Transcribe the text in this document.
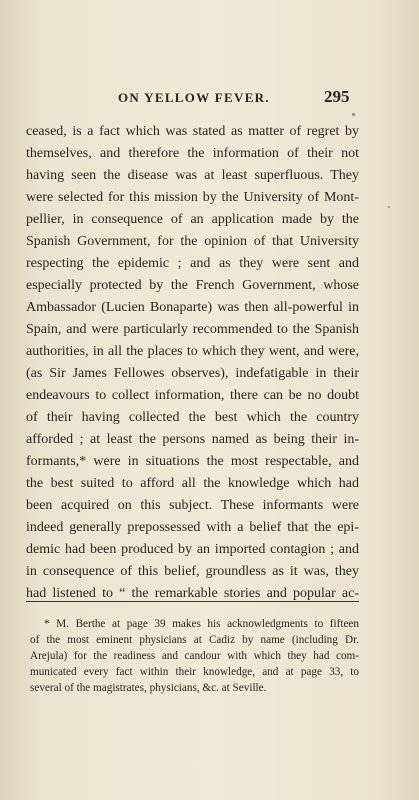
ON YELLOW FEVER.	295
ceased, is a fact which was stated as matter of regret by
themselves, and therefore the information of their not
having seen the disease was at least superfluous. They
were selected for this mission by the University of Mont-
pellier, in consequence of an application made by the
Spanish Government, for the opinion of that University
respecting the epidemic ; and as they were sent and
especially protected by the French Government, whose
Ambassador (Lucien Bonaparte) was then all-powerful in
Spain, and were particularly recommended to the Spanish
authorities, in all the places to which they went, and were,
(as Sir James Fellowes observes), indefatigable in their
endeavours to collect information, there can be no doubt
of their having collected the best which the country
afforded ; at least the persons named as being their in-
formants,* were in situations the most respectable, and
the best suited to afford all the knowledge which had
been acquired on this subject. These informants were
indeed generally prepossessed with a belief that the epi-
demic had been produced by an imported contagion ; and
in consequence of this belief, groundless as it was, they
had listened to “ the remarkable stories and popular ac-
* M. Berthe at page 39 makes his acknowledgments to fifteen
of the most eminent physicians at Cadiz by name (including Dr.
Arejula) for the readiness and candour with which they had com-
municated every fact within their knowledge, and at page 33, to
several of the magistrates, physicians, &c. at Seville.
